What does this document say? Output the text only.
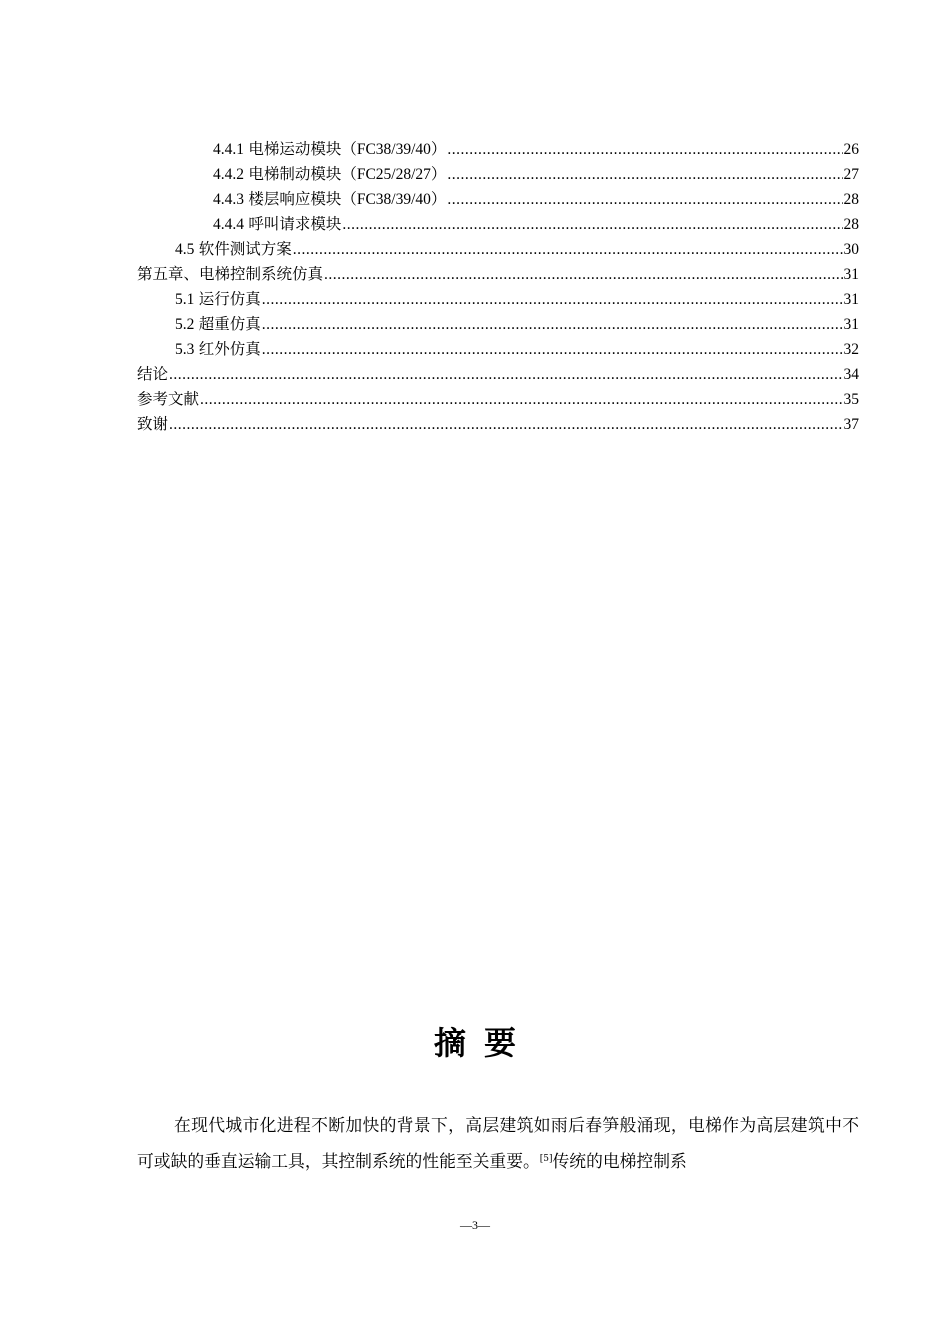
4.4.1 电梯运动模块（FC38/39/40） .....	26
4.4.2 电梯制动模块（FC25/28/27） .....	27
4.4.3 楼层响应模块（FC38/39/40） .....	28
4.4.4 呼叫请求模块 .....	28
4.5 软件测试方案 .....	30
第五章、电梯控制系统仿真 .....	31
5.1 运行仿真 .....	31
5.2 超重仿真 .....	31
5.3 红外仿真 .....	32
结论 .....	34
参考文献 .....	35
致谢 .....	37
摘要

在现代城市化进程不断加快的背景下，高层建筑如雨后春笋般涌现，电梯作为高层建筑中不可或缺的垂直运输工具，其控制系统的性能至关重要。[5]传统的电梯控制系

—3—
